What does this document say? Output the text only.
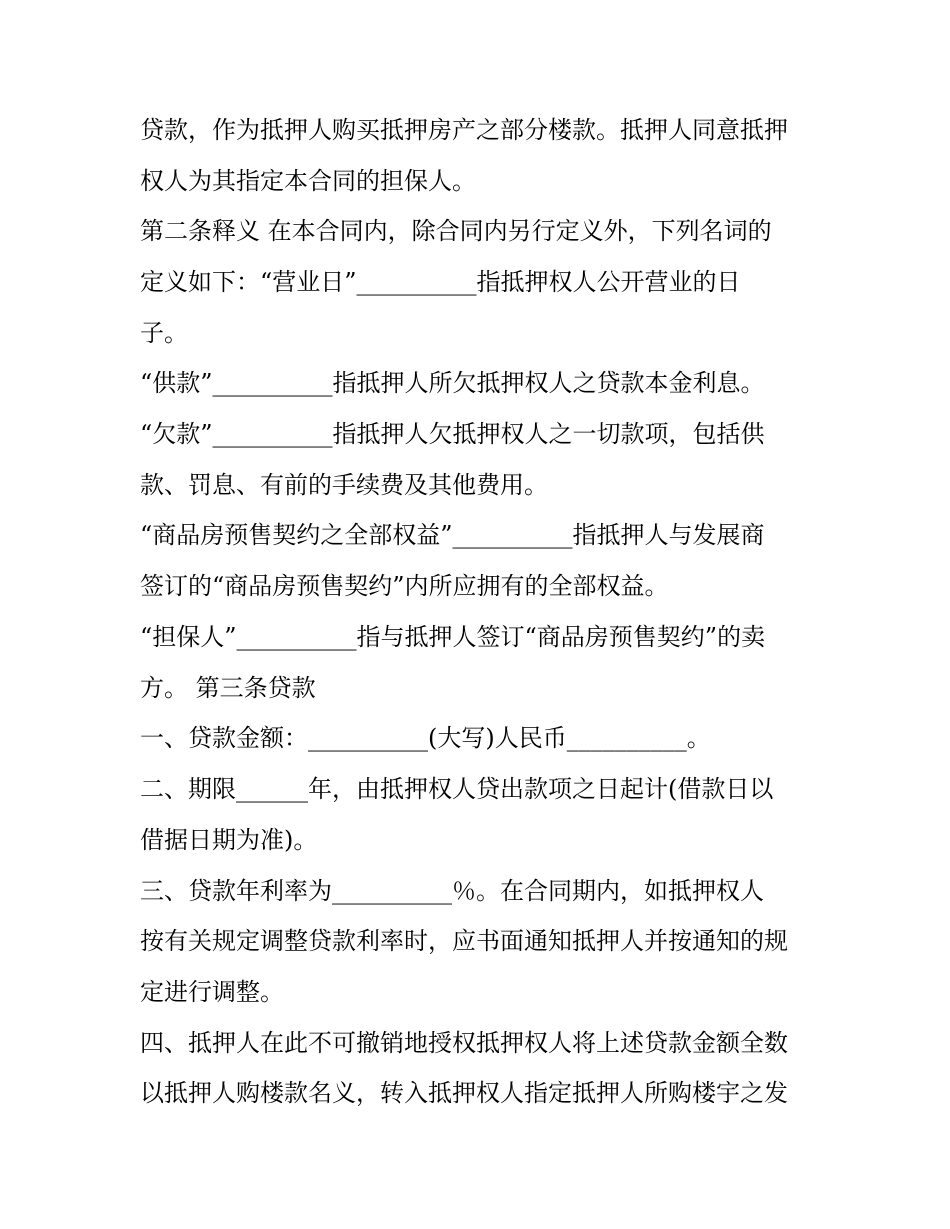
贷款，作为抵押人购买抵押房产之部分楼款。抵押人同意抵押
权人为其指定本合同的担保人。
第二条释义 在本合同内，除合同内另行定义外，下列名词的
定义如下：“营业日”__________指抵押权人公开营业的日
子。
“供款”__________指抵押人所欠抵押权人之贷款本金利息。
“欠款”__________指抵押人欠抵押权人之一切款项，包括供
款、罚息、有前的手续费及其他费用。
“商品房预售契约之全部权益”__________指抵押人与发展商
签订的“商品房预售契约”内所应拥有的全部权益。
“担保人”__________指与抵押人签订“商品房预售契约”的卖
方。 第三条贷款
一、贷款金额：__________(大写)人民币__________。
二、期限______年，由抵押权人贷出款项之日起计(借款日以
借据日期为准)。
三、贷款年利率为__________％。在合同期内，如抵押权人
按有关规定调整贷款利率时，应书面通知抵押人并按通知的规
定进行调整。
四、抵押人在此不可撤销地授权抵押权人将上述贷款金额全数
以抵押人购楼款名义，转入抵押权人指定抵押人所购楼宇之发
